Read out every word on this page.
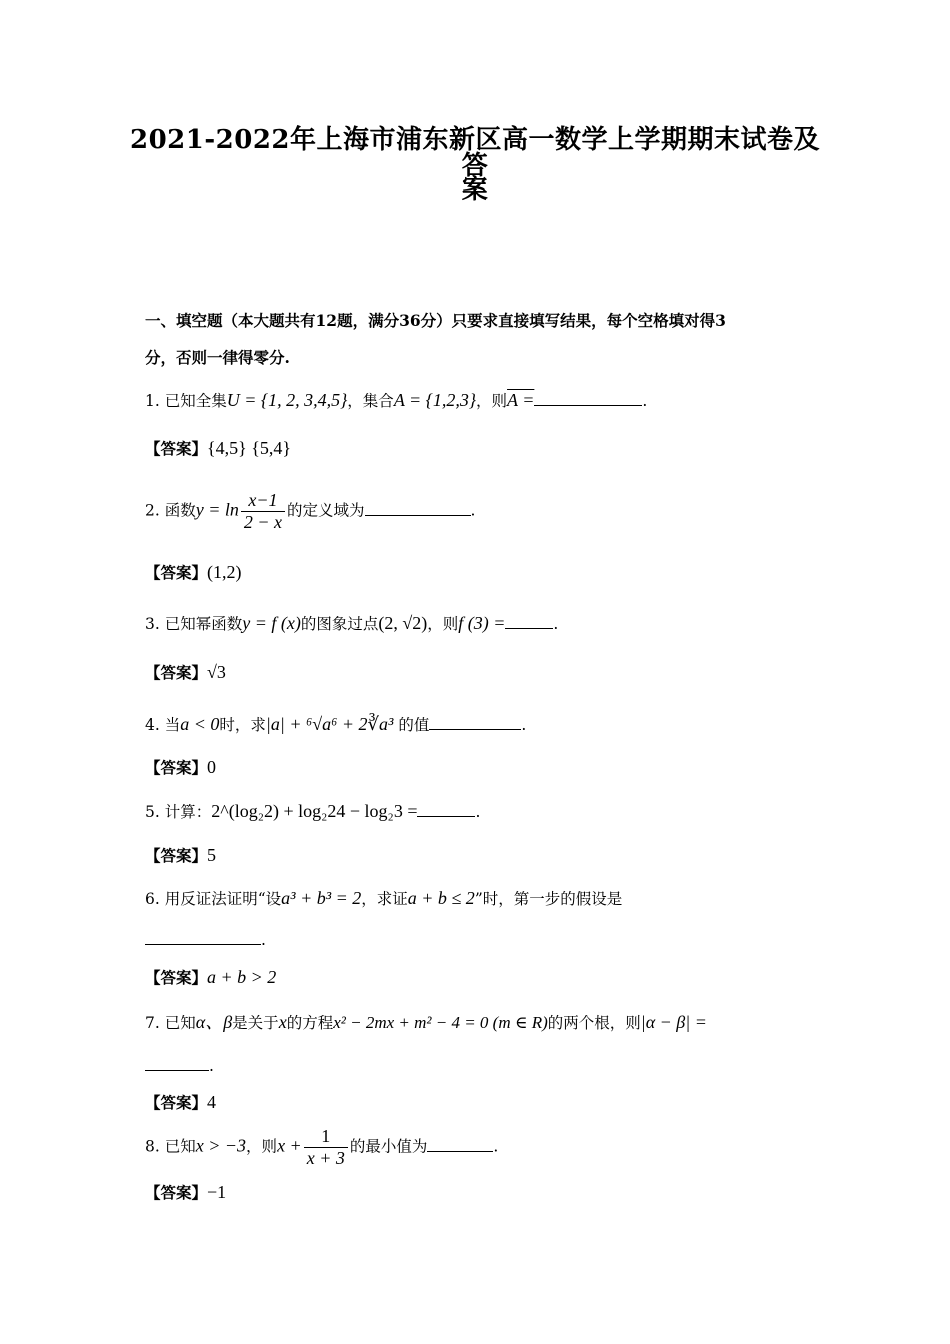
2021-2022年上海市浦东新区高一数学上学期期末试卷及答
案
一、填空题（本大题共有12题，满分36分）只要求直接填写结果，每个空格填对得3
分，否则一律得零分.
1. 已知全集U = {1, 2, 3,4,5}，集合A = {1,2,3}，则A =	.
【答案】{4,5} {5,4}
2. 函数$y = \ln \frac{x-1}{2 - x}$ 的定义域为	.
【答案】(1,2)
3. 已知幂函数y = f (x)的图象过点(2, √2)，则f (3) =	.
【答案】√3
4. 当a < 0时，求|a| + ⁶√a⁶ + 2∛a³ 的值	.
【答案】0
5. 计算：2^(log₂2) + log₂24 − log₂3 =	.
【答案】5
6. 用反证法证明“设a³ + b³ = 2，求证a + b ≤ 2”时，第一步的假设是
.
【答案】a + b > 2
7. 已知α、β是关于x的方程x² − 2mx + m² − 4 = 0 (m ∈ R)的两个根，则|α − β| =
.
【答案】4
8. 已知x > −3，则$x + \frac{1}{x + 3}$ 的最小值为	.
【答案】−1
